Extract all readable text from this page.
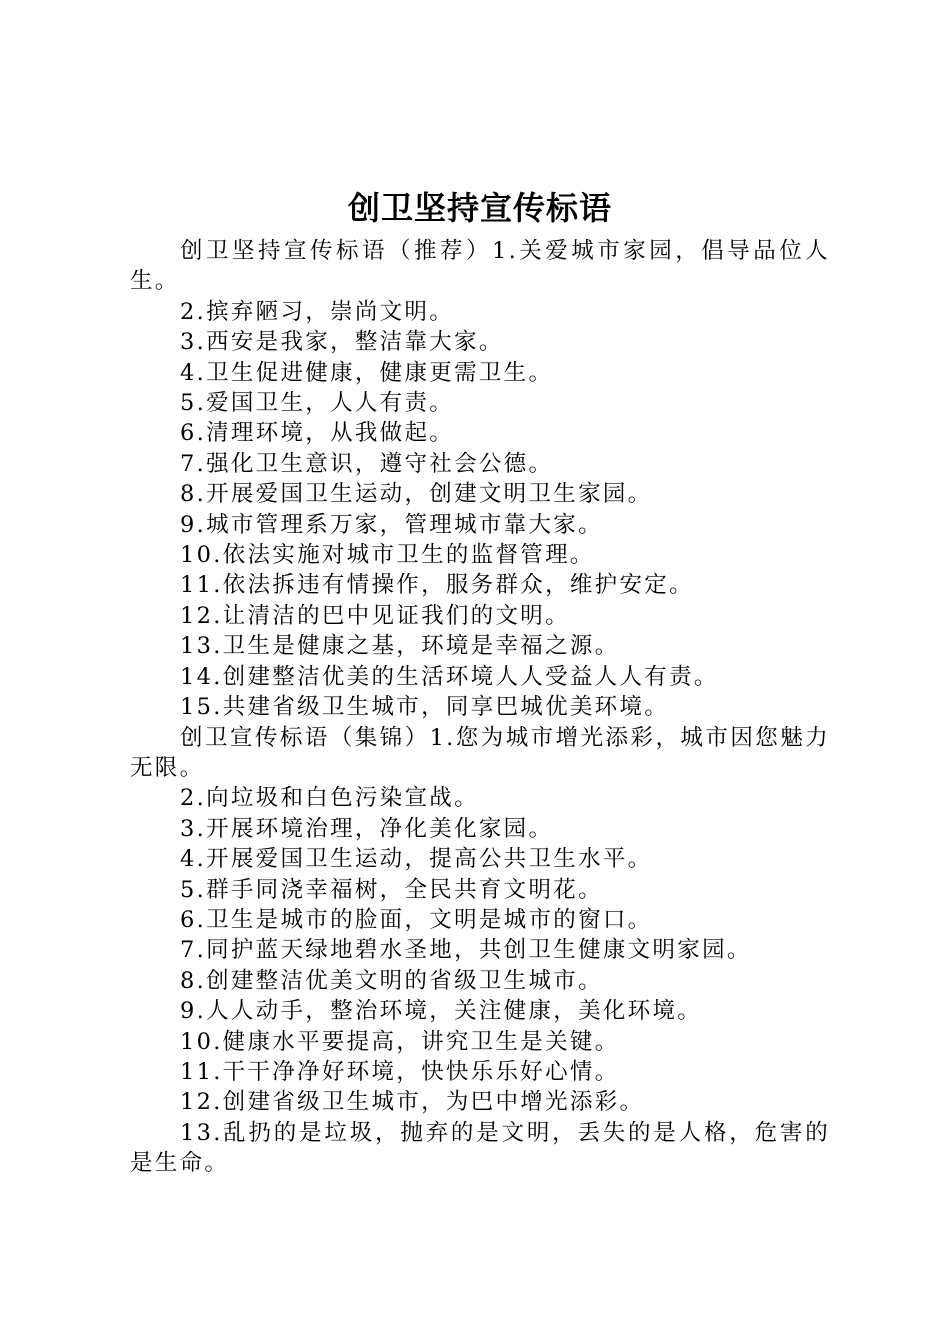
创卫坚持宣传标语

创卫坚持宣传标语（推荐）1.关爱城市家园，倡导品位人生。

2.摈弃陋习，崇尚文明。

3.西安是我家，整洁靠大家。

4.卫生促进健康，健康更需卫生。

5.爱国卫生，人人有责。

6.清理环境，从我做起。

7.强化卫生意识，遵守社会公德。

8.开展爱国卫生运动，创建文明卫生家园。

9.城市管理系万家，管理城市靠大家。

10.依法实施对城市卫生的监督管理。

11.依法拆违有情操作，服务群众，维护安定。

12.让清洁的巴中见证我们的文明。

13.卫生是健康之基，环境是幸福之源。

14.创建整洁优美的生活环境人人受益人人有责。

15.共建省级卫生城市，同享巴城优美环境。

创卫宣传标语（集锦）1.您为城市增光添彩，城市因您魅力无限。

2.向垃圾和白色污染宣战。

3.开展环境治理，净化美化家园。

4.开展爱国卫生运动，提高公共卫生水平。

5.群手同浇幸福树，全民共育文明花。

6.卫生是城市的脸面，文明是城市的窗口。

7.同护蓝天绿地碧水圣地，共创卫生健康文明家园。

8.创建整洁优美文明的省级卫生城市。

9.人人动手，整治环境，关注健康，美化环境。

10.健康水平要提高，讲究卫生是关键。

11.干干净净好环境，快快乐乐好心情。

12.创建省级卫生城市，为巴中增光添彩。

13.乱扔的是垃圾，抛弃的是文明，丢失的是人格，危害的是生命。
